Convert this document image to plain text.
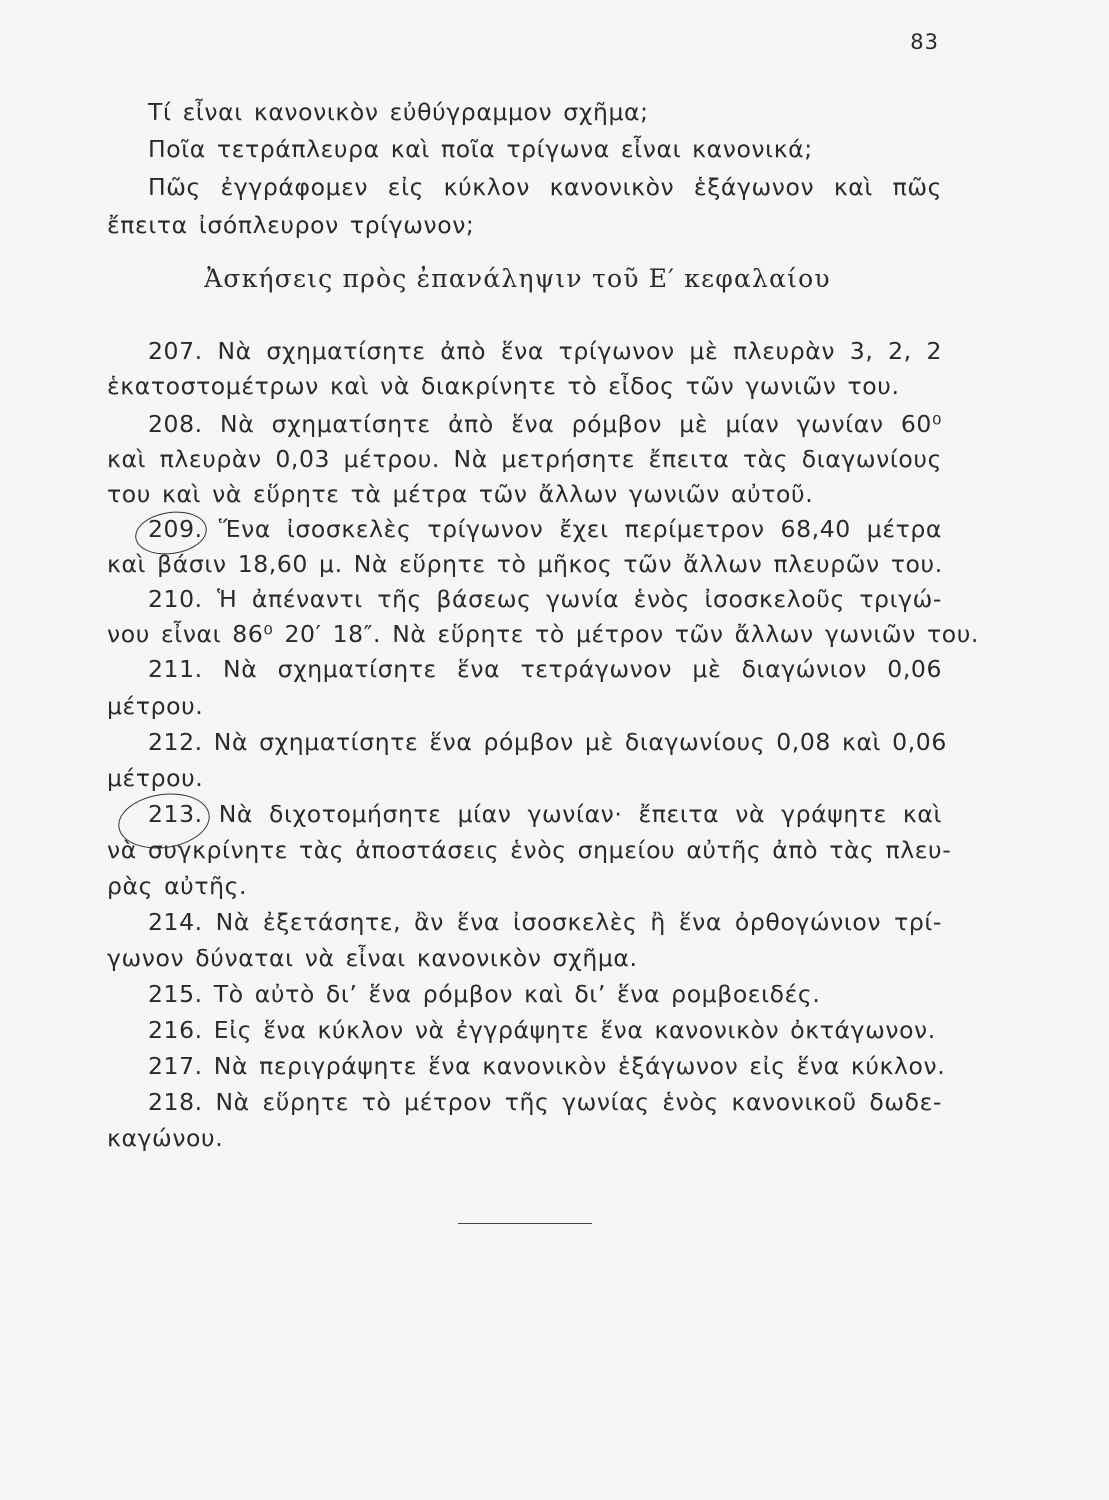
83
Τί εἶναι κανονικὸν εὐθύγραμμον σχῆμα;
Ποῖα τετράπλευρα καὶ ποῖα τρίγωνα εἶναι κανονικά;
Πῶς ἐγγράφομεν εἰς κύκλον κανονικὸν ἑξάγωνον καὶ πῶς
ἔπειτα ἰσόπλευρον τρίγωνον;
Ἀσκήσεις πρὸς ἐπανάληψιν τοῦ Ε′ κεφαλαίου
207. Νὰ σχηματίσητε ἀπὸ ἕνα τρίγωνον μὲ πλευρὰν 3, 2, 2
ἑκατοστομέτρων καὶ νὰ διακρίνητε τὸ εἶδος τῶν γωνιῶν του.
208. Νὰ σχηματίσητε ἀπὸ ἕνα ρόμβον μὲ μίαν γωνίαν 60⁰
καὶ πλευρὰν 0,03 μέτρου. Νὰ μετρήσητε ἔπειτα τὰς διαγωνίους
του καὶ νὰ εὕρητε τὰ μέτρα τῶν ἄλλων γωνιῶν αὐτοῦ.
209. Ἕνα ἰσοσκελὲς τρίγωνον ἔχει περίμετρον 68,40 μέτρα
καὶ βάσιν 18,60 μ. Νὰ εὕρητε τὸ μῆκος τῶν ἄλλων πλευρῶν του.
210. Ἡ ἀπέναντι τῆς βάσεως γωνία ἑνὸς ἰσοσκελοῦς τριγώ-
νου εἶναι 86⁰ 20′ 18″. Νὰ εὕρητε τὸ μέτρον τῶν ἄλλων γωνιῶν του.
211. Νὰ σχηματίσητε ἕνα τετράγωνον μὲ διαγώνιον 0,06
μέτρου.
212. Νὰ σχηματίσητε ἕνα ρόμβον μὲ διαγωνίους 0,08 καὶ 0,06
μέτρου.
213. Νὰ διχοτομήσητε μίαν γωνίαν· ἔπειτα νὰ γράψητε καὶ
νὰ συγκρίνητε τὰς ἀποστάσεις ἑνὸς σημείου αὐτῆς ἀπὸ τὰς πλευ-
ρὰς αὐτῆς.
214. Νὰ ἐξετάσητε, ἂν ἕνα ἰσοσκελὲς ἢ ἕνα ὀρθογώνιον τρί-
γωνον δύναται νὰ εἶναι κανονικὸν σχῆμα.
215. Τὸ αὐτὸ δι’ ἕνα ρόμβον καὶ δι’ ἕνα ρομβοειδές.
216. Εἰς ἕνα κύκλον νὰ ἐγγράψητε ἕνα κανονικὸν ὀκτάγωνον.
217. Νὰ περιγράψητε ἕνα κανονικὸν ἑξάγωνον εἰς ἕνα κύκλον.
218. Νὰ εὕρητε τὸ μέτρον τῆς γωνίας ἑνὸς κανονικοῦ δωδε-
καγώνου.
